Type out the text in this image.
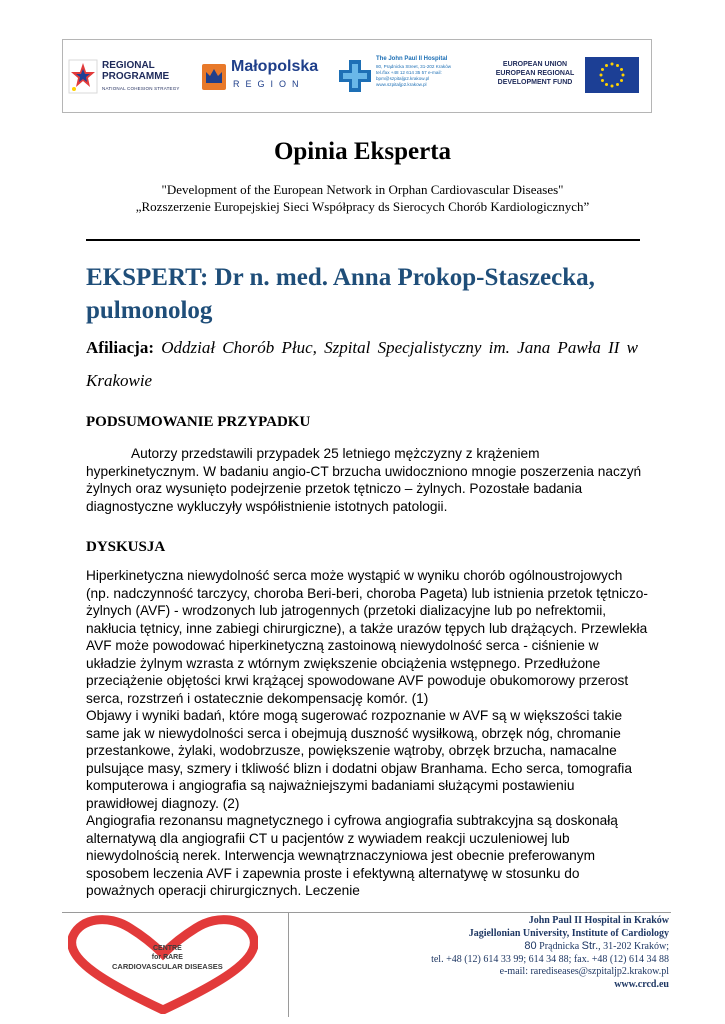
REGIONAL
PROGRAMME
NATIONAL COHESION STRATEGY
Małopolska
REGION
The John Paul II Hospital
80, Prądnicka Street, 31-202 Kraków
tel./fax +48 12 614 35 57 e-mail:
bpm@szpitaljp2.krakow.pl
www.szpitaljp2.krakow.pl
EUROPEAN UNION
EUROPEAN REGIONAL
DEVELOPMENT FUND
Opinia Eksperta
"Development of the European Network in Orphan Cardiovascular Diseases"
„Rozszerzenie Europejskiej Sieci Współpracy ds Sierocych Chorób Kardiologicznych”
EKSPERT: Dr n. med. Anna Prokop-Staszecka, pulmonolog
Afiliacja: Oddział Chorób Płuc, Szpital Specjalistyczny im. Jana Pawła II w Krakowie
PODSUMOWANIE PRZYPADKU
Autorzy przedstawili przypadek 25 letniego mężczyzny z krążeniem hyperkinetycznym. W badaniu angio-CT brzucha uwidoczniono mnogie poszerzenia naczyń żylnych oraz wysunięto podejrzenie przetok tętniczo – żylnych. Pozostałe badania diagnostyczne wykluczyły współistnienie istotnych patologii.
DYSKUSJA
Hiperkinetyczna niewydolność serca może wystąpić w wyniku chorób ogólnoustrojowych (np. nadczynność tarczycy, choroba Beri-beri, choroba Pageta) lub istnienia przetok tętniczo-żylnych (AVF) - wrodzonych lub jatrogennych (przetoki dializacyjne lub po nefrektomii, nakłucia tętnicy, inne zabiegi chirurgiczne), a także urazów tępych lub drążących. Przewlekła AVF może powodować hiperkinetyczną zastoinową niewydolność serca - ciśnienie w układzie żylnym wzrasta z wtórnym zwiększenie obciążenia wstępnego. Przedłużone przeciążenie objętości krwi krążącej spowodowane AVF powoduje obukomorowy przerost serca, rozstrzeń i ostatecznie dekompensację komór. (1)
Objawy i wyniki badań, które mogą sugerować rozpoznanie w AVF są w większości takie same jak w niewydolności serca i obejmują duszność wysiłkową, obrzęk nóg, chromanie przestankowe, żylaki, wodobrzusze, powiększenie wątroby, obrzęk brzucha, namacalne pulsujące masy, szmery i tkliwość blizn i dodatni objaw Branhama. Echo serca, tomografia komputerowa i angiografia są najważniejszymi badaniami służącymi postawieniu prawidłowej diagnozy. (2)
Angiografia rezonansu magnetycznego i cyfrowa angiografia subtrakcyjna są doskonałą alternatywą dla angiografii CT u pacjentów z wywiadem reakcji uczuleniowej lub niewydolnością nerek. Interwencja wewnątrznaczyniowa jest obecnie preferowanym sposobem leczenia AVF i zapewnia proste i efektywną alternatywę w stosunku do poważnych operacji chirurgicznych. Leczenie
CENTRE
for RARE
CARDIOVASCULAR DISEASES
John Paul II Hospital in Kraków
Jagiellonian University, Institute of Cardiology
80 Prądnicka Str., 31-202 Kraków;
tel. +48 (12) 614 33 99; 614 34 88; fax. +48 (12) 614 34 88
e-mail: rarediseases@szpitaljp2.krakow.pl
www.crcd.eu
